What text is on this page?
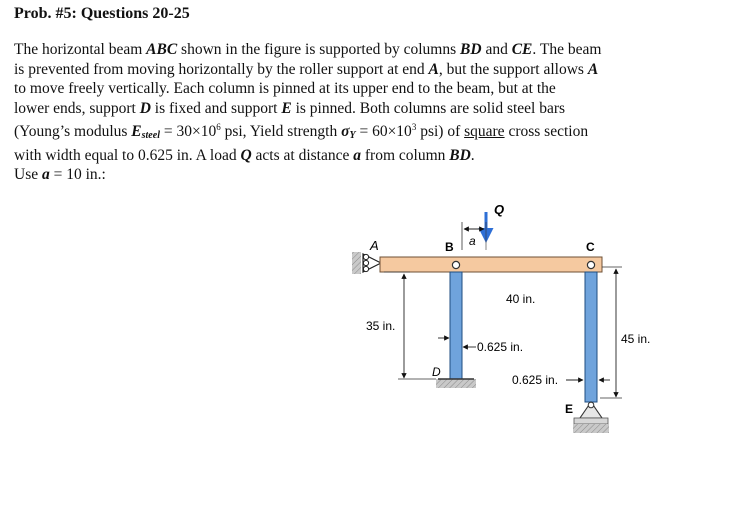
Prob. #5: Questions 20-25
The horizontal beam ABC shown in the figure is supported by columns BD and CE. The beam
is prevented from moving horizontally by the roller support at end A, but the support allows A
to move freely vertically. Each column is pinned at its upper end to the beam, but at the
lower ends, support D is fixed and support E is pinned. Both columns are solid steel bars
(Young’s modulus $E_{steel} = 30\times 10^6$ psi, Yield strength $\sigma_Y = 60\times 10^3$ psi) of square cross section
with width equal to 0.625 in. A load Q acts at distance a from column BD.
Use a = 10 in.:
Q
a
A	B	C
D
E
35 in.
45 in.
40 in.
0.625 in.
0.625 in.
